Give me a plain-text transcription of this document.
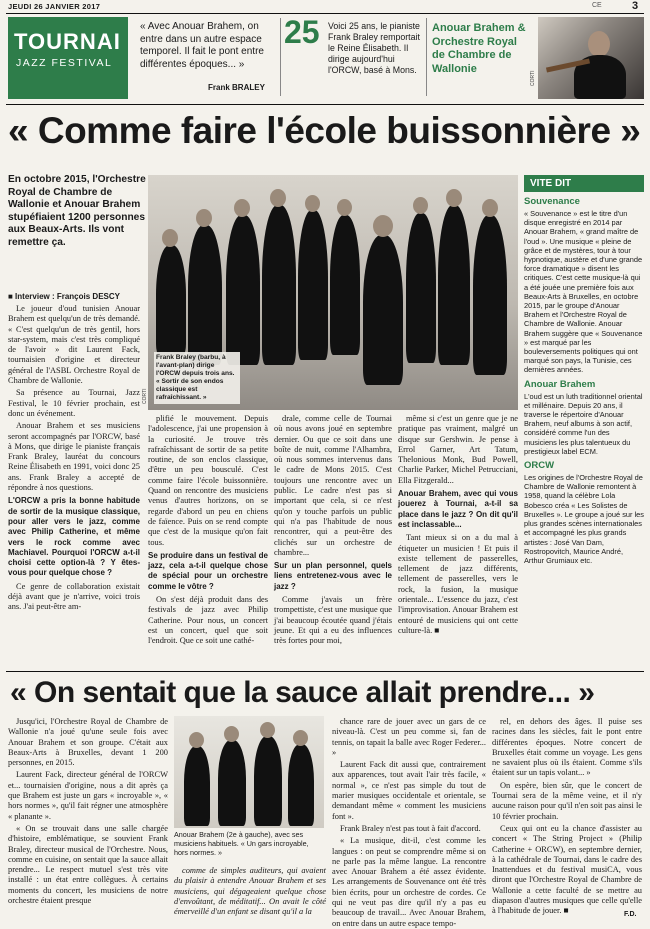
JEUDI 26 JANVIER 2017	CE	3
TOURNAI
JAZZ FESTIVAL
« Avec Anouar Brahem, on entre dans un autre espace temporel. Il fait le pont entre différentes époques... »
Frank BRALEY
25 Voici 25 ans, le pianiste Frank Braley remportait le Reine Élisabeth. Il dirige aujourd'hui l'ORCW, basé à Mons.
Anouar Brahem & Orchestre Royal de Chambre de Wallonie
CORTI
« Comme faire l'école buissonnière »
En octobre 2015, l'Orchestre Royal de Chambre de Wallonie et Anouar Brahem stupéfiaient 1200 personnes aux Beaux-Arts. Ils vont remettre ça.
■ Interview : François DESCY
Frank Braley (barbu, à l'avant-plan) dirige l'ORCW depuis trois ans. « Sortir de son endos classique est rafraîchissant. »
CORTI
VITE DIT
Souvenance

« Souvenance » est le titre d'un disque enregistré en 2014 par Anouar Brahem, « grand maître de l'oud ». Une musique « pleine de grâce et de mystères, tour à tour hypnotique, austère et d'une grande force dramatique » disent les critiques. C'est cette musique-là qui a été jouée une première fois aux Beaux-Arts à Bruxelles, en octobre 2015, par le groupe d'Anouar Brahem et l'Orchestre Royal de Chambre de Wallonie. Anouar Brahem suggère que « Souvenance » est marqué par les bouleversements politiques qui ont marqué son pays, la Tunisie, ces dernières années.

Anouar Brahem

L'oud est un luth traditionnel oriental et millénaire. Depuis 20 ans, il traverse le répertoire d'Anouar Brahem, neuf albums à son actif, considéré comme l'un des musiciens les plus talentueux du prestigieux label ECM.

ORCW

Les origines de l'Orchestre Royal de Chambre de Wallonie remontent à 1958, quand la célèbre Lola Bobesco créa « Les Solistes de Bruxelles ». Le groupe a joué sur les plus grandes scènes internationales et accompagné les plus grands artistes : José Van Dam, Rostropovitch, Maurice André, Arthur Grumiaux etc.

Le joueur d'oud tunisien Anouar Brahem est quelqu'un de très demandé. « C'est quelqu'un de très gentil, hors star-system, mais c'est très compliqué de l'avoir » dit Laurent Fack, tournaisien d'origine et directeur général de l'ASBL Orchestre Royal de Chambre de Wallonie.

Sa présence au Tournai, Jazz Festival, le 10 février prochain, est donc un événement.

Anouar Brahem et ses musiciens seront accompagnés par l'ORCW, basé à Mons, que dirige le pianiste français Frank Braley, lauréat du concours Reine Élisabeth en 1991, voici donc 25 ans. Frank Braley a accepté de répondre à nos questions.

L'ORCW a pris la bonne habitude de sortir de la musique classique, pour aller vers le jazz, comme avec Philip Catherine, et même vers le rock comme avec Machiavel. Pourquoi l'ORCW a-t-il choisi cette option-là ? Y êtes-vous pour quelque chose ?

Ce genre de collaboration existait déjà avant que je n'arrive, voici trois ans. J'ai peut-être am-

plifié le mouvement. Depuis l'adolescence, j'ai une propension à la curiosité. Je trouve très rafraîchissant de sortir de sa petite routine, de son enclos classique, d'être un peu bousculé. C'est comme faire l'école buissonnière. Quand on rencontre des musiciens venus d'autres horizons, on se regarde d'abord un peu en chiens de faïence. Puis on se rend compte que c'est de la musique qu'on fait tous.

Se produire dans un festival de jazz, cela a-t-il quelque chose de spécial pour un orchestre comme le vôtre ?

On s'est déjà produit dans des festivals de jazz avec Philip Catherine. Pour nous, un concert est un concert, quel que soit l'endroit. Que ce soit une cathé-

drale, comme celle de Tournai où nous avons joué en septembre dernier. Ou que ce soit dans une boîte de nuit, comme l'Alhambra, où nous sommes intervenus dans le cadre de Mons 2015. C'est toujours une rencontre avec un public. Le cadre n'est pas si important que cela, si ce n'est qu'on y touche parfois un public qui n'a pas l'habitude de nous rencontrer, qui a peut-être des clichés sur un orchestre de chambre...

Sur un plan personnel, quels liens entretenez-vous avec le jazz ?

Comme j'avais un frère trompettiste, c'est une musique que j'ai beaucoup écoutée quand j'étais jeune. Et qui a eu des influences très fortes pour moi,

même si c'est un genre que je ne pratique pas vraiment, malgré un disque sur Gershwin. Je pense à Errol Garner, Art Tatum, Thelonious Monk, Bud Powell, Charlie Parker, Michel Petrucciani, Ella Fitzgerald...

Anouar Brahem, avec qui vous jouerez à Tournai, a-t-il sa place dans le jazz ? On dit qu'il est inclassable...

Tant mieux si on a du mal à étiqueter un musicien ! Et puis il existe tellement de passerelles, tellement de jazz différents, tellement de passerelles, vers le rock, la fusion, la musique orientale... L'essence du jazz, c'est l'improvisation. Anouar Brahem est entouré de musiciens qui ont cette culture-là. ■

« On sentait que la sauce allait prendre... »

Jusqu'ici, l'Orchestre Royal de Chambre de Wallonie n'a joué qu'une seule fois avec Anouar Brahem et son groupe. C'était aux Beaux-Arts à Bruxelles, devant 1 200 personnes, en 2015.

Laurent Fack, directeur général de l'ORCW et... tournaisien d'origine, nous a dit après ça que Brahem est juste un gars « incroyable », « hors normes », qu'il fait régner une atmosphère « planante ».

« On se trouvait dans une salle chargée d'histoire, emblématique, se souvient Frank Braley, directeur musical de l'Orchestre. Nous, comme en cuisine, on sentait que la sauce allait prendre... Le respect mutuel s'est très vite installé : un état entre collègues. À certains moments du concert, les musiciens de notre orchestre étaient presque

Anouar Brahem (2e à gauche), avec ses musiciens habituels. « Un gars incroyable, hors normes. »

comme de simples auditeurs, qui avaient du plaisir à entendre Anouar Brahem et ses musiciens, qui dégageaient quelque chose d'envoûtant, de méditatif... On avait le côté émerveillé d'un enfant se disant qu'il a la

chance rare de jouer avec un gars de ce niveau-là. C'est un peu comme si, fan de tennis, on tapait la balle avec Roger Federer... »

Laurent Fack dit aussi que, contrairement aux apparences, tout avait l'air très facile, « normal », ce n'est pas simple du tout de marier musiques occidentale et orientale, se demandant même « comment les musiciens font ».

Frank Braley n'est pas tout à fait d'accord.

« La musique, dit-il, c'est comme les langues : on peut se comprendre même si on ne parle pas la même langue. La rencontre avec Anouar Brahem a été assez évidente. Les arrangements de Souvenance ont été très bien écrits, pour un orchestre de cordes. Ce qui ne veut pas dire qu'il n'y a pas eu beaucoup de travail... Avec Anouar Brahem, on entre dans un autre espace tempo-

rel, en dehors des âges. Il puise ses racines dans les siècles, fait le pont entre différentes époques. Notre concert de Bruxelles était comme un voyage. Les gens ne savaient plus où ils étaient. Comme s'ils étaient sur un tapis volant... »

On espère, bien sûr, que le concert de Tournai sera de la même veine, et il n'y aucune raison pour qu'il n'en soit pas ainsi le 10 février prochain.

Ceux qui ont eu la chance d'assister au concert « The String Project » (Philip Catherine + ORCW), en septembre dernier, à la cathédrale de Tournai, dans le cadre des Inattendues et du festival musiCA, vous diront que l'Orchestre Royal de Chambre de Wallonie a cette faculté de se mettre au diapason d'autres musiques que celle qu'elle à l'habitude de jouer. ■	F.D.
